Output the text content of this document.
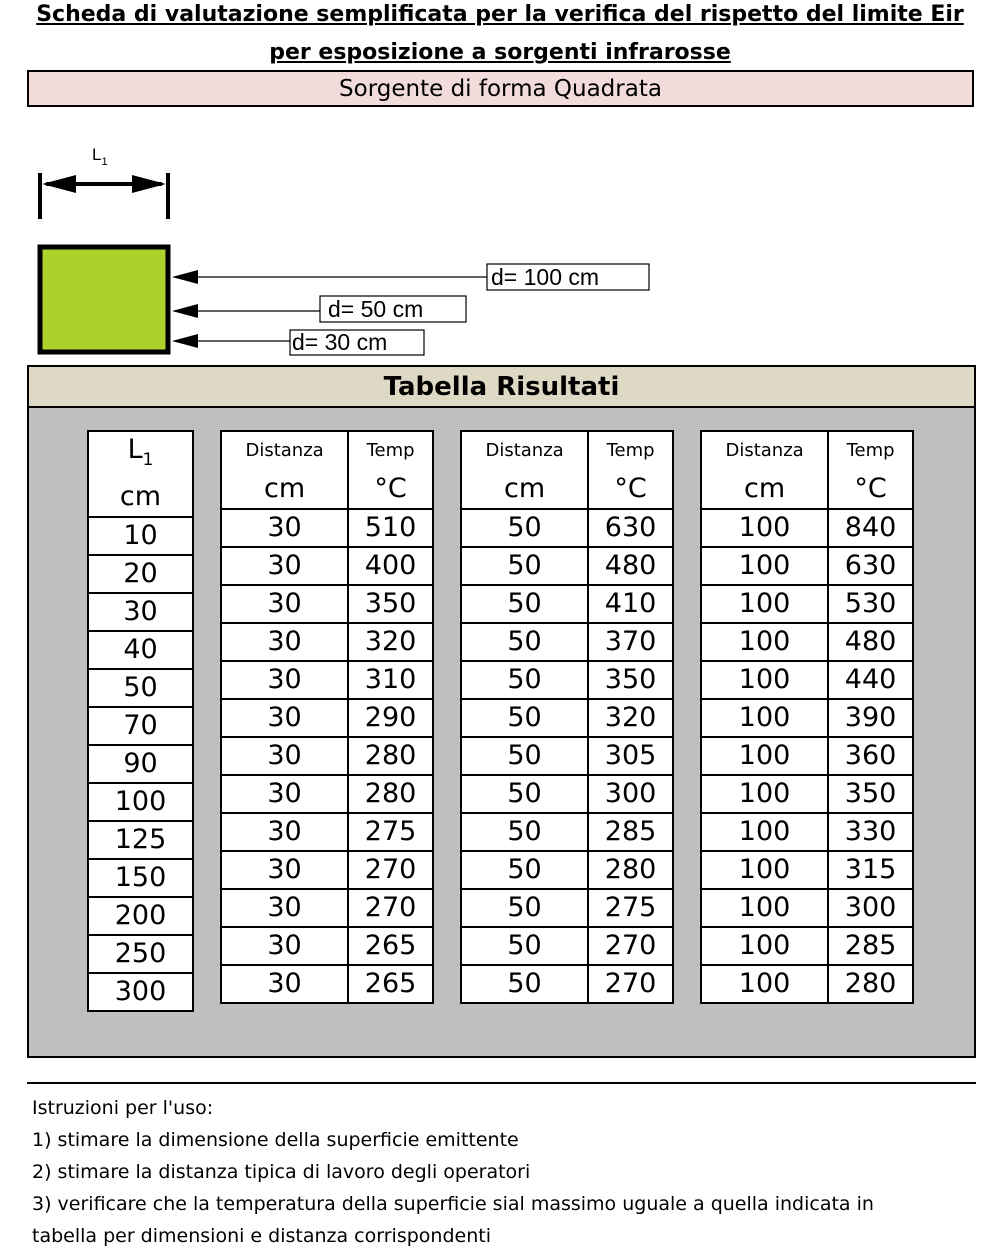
Scheda di valutazione semplificata per la verifica del rispetto del limite Eir
per esposizione a sorgenti infrarosse
Sorgente di forma Quadrata
$L_1$
d= 100 cm
d= 50 cm
d= 30 cm
Tabella Risultati
$L_1$
cm
10
20
30
40
50
70
90
100
125
150
200
250
300
Distanza	Temp
cm	°C
30	510
30	400
30	350
30	320
30	310
30	290
30	280
30	280
30	275
30	270
30	270
30	265
30	265
Distanza	Temp
cm	°C
50	630
50	480
50	410
50	370
50	350
50	320
50	305
50	300
50	285
50	280
50	275
50	270
50	270
Distanza	Temp
cm	°C
100	840
100	630
100	530
100	480
100	440
100	390
100	360
100	350
100	330
100	315
100	300
100	285
100	280
Istruzioni per l'uso:
1) stimare la dimensione della superficie emittente
2) stimare la distanza tipica di lavoro degli operatori
3) verificare che la temperatura della superficie sial massimo uguale a quella indicata in
tabella per dimensioni e distanza corrispondenti
